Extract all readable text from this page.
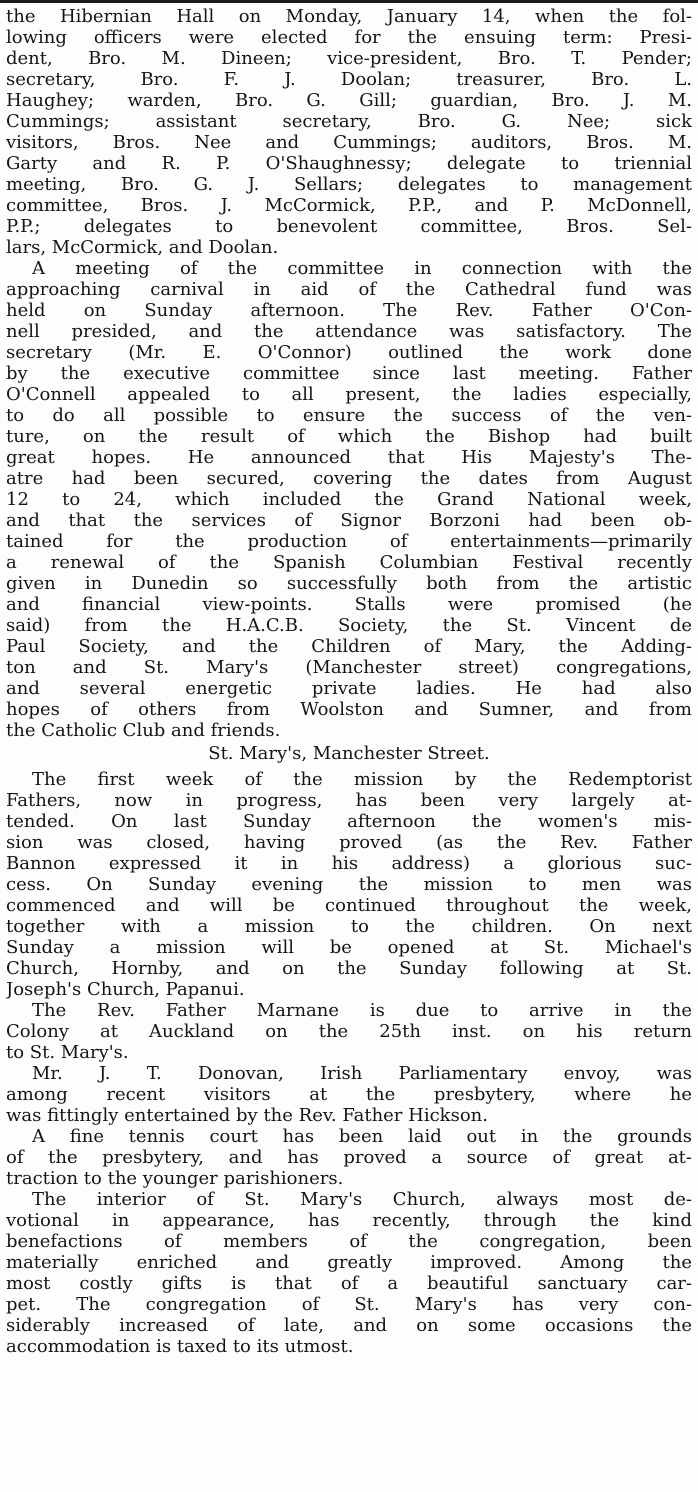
the Hibernian Hall on Monday, January 14, when the fol-
lowing officers were elected for the ensuing term: Presi-
dent, Bro. M. Dineen; vice-president, Bro. T. Pender;
secretary, Bro. F. J. Doolan; treasurer, Bro. L.
Haughey; warden, Bro. G. Gill; guardian, Bro. J. M.
Cummings; assistant secretary, Bro. G. Nee; sick
visitors, Bros. Nee and Cummings; auditors, Bros. M.
Garty and R. P. O'Shaughnessy; delegate to triennial
meeting, Bro. G. J. Sellars; delegates to management
committee, Bros. J. McCormick, P.P., and P. McDonnell,
P.P.; delegates to benevolent committee, Bros. Sel-
lars, McCormick, and Doolan.
A meeting of the committee in connection with the
approaching carnival in aid of the Cathedral fund was
held on Sunday afternoon. The Rev. Father O'Con-
nell presided, and the attendance was satisfactory. The
secretary (Mr. E. O'Connor) outlined the work done
by the executive committee since last meeting. Father
O'Connell appealed to all present, the ladies especially,
to do all possible to ensure the success of the ven-
ture, on the result of which the Bishop had built
great hopes. He announced that His Majesty's The-
atre had been secured, covering the dates from August
12 to 24, which included the Grand National week,
and that the services of Signor Borzoni had been ob-
tained for the production of entertainments—primarily
a renewal of the Spanish Columbian Festival recently
given in Dunedin so successfully both from the artistic
and financial view-points. Stalls were promised (he
said) from the H.A.C.B. Society, the St. Vincent de
Paul Society, and the Children of Mary, the Adding-
ton and St. Mary's (Manchester street) congregations,
and several energetic private ladies. He had also
hopes of others from Woolston and Sumner, and from
the Catholic Club and friends.
St. Mary's, Manchester Street.
The first week of the mission by the Redemptorist
Fathers, now in progress, has been very largely at-
tended. On last Sunday afternoon the women's mis-
sion was closed, having proved (as the Rev. Father
Bannon expressed it in his address) a glorious suc-
cess. On Sunday evening the mission to men was
commenced and will be continued throughout the week,
together with a mission to the children. On next
Sunday a mission will be opened at St. Michael's
Church, Hornby, and on the Sunday following at St.
Joseph's Church, Papanui.
The Rev. Father Marnane is due to arrive in the
Colony at Auckland on the 25th inst. on his return
to St. Mary's.
Mr. J. T. Donovan, Irish Parliamentary envoy, was
among recent visitors at the presbytery, where he
was fittingly entertained by the Rev. Father Hickson.
A fine tennis court has been laid out in the grounds
of the presbytery, and has proved a source of great at-
traction to the younger parishioners.
The interior of St. Mary's Church, always most de-
votional in appearance, has recently, through the kind
benefactions of members of the congregation, been
materially enriched and greatly improved. Among the
most costly gifts is that of a beautiful sanctuary car-
pet. The congregation of St. Mary's has very con-
siderably increased of late, and on some occasions the
accommodation is taxed to its utmost.
